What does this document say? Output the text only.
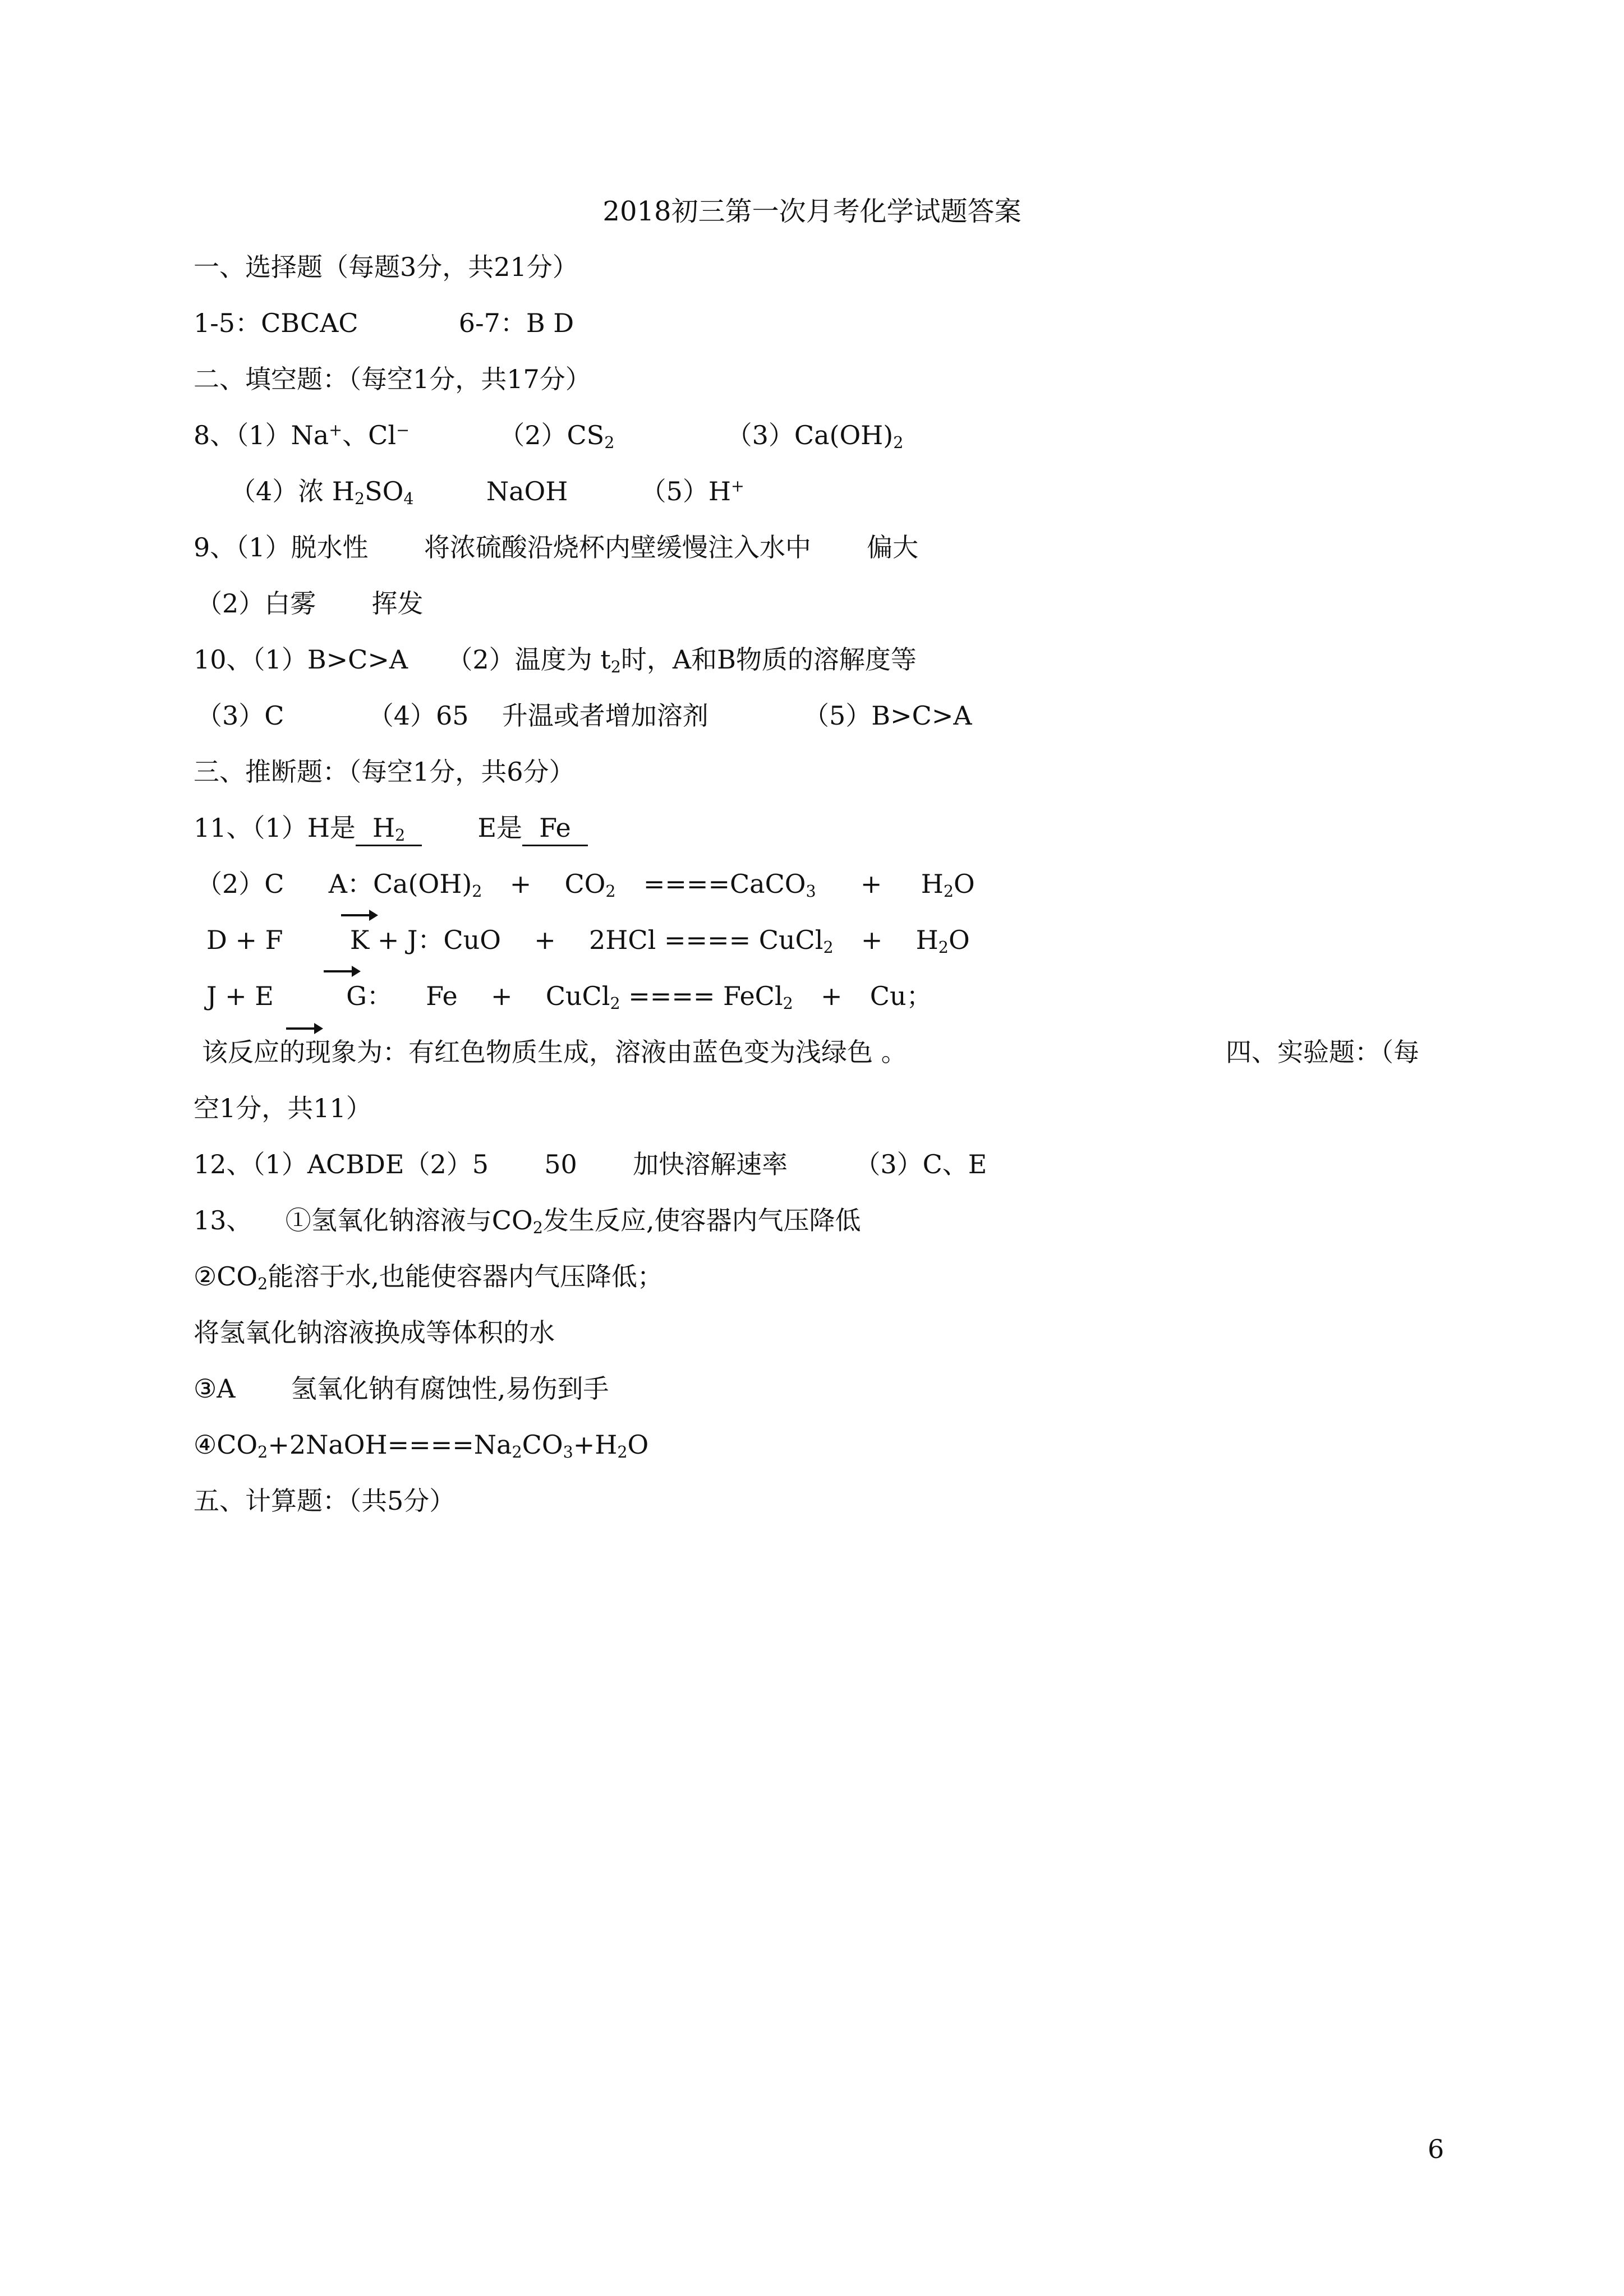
2018初三第一次月考化学试题答案
一、选择题（每题3分，共21分）
1-5：CBCAC	6-7：B D
二、填空题：（每空1分，共17分）
8、（1）Na+、Cl−	$(2)CS_2$	$(3)Ca(OH)_2$
（4）浓 $H_2SO_4$	NaOH	（5）H+
9、（1）脱水性 将浓硫酸沿烧杯内壁缓慢注入水中 偏大
（2）白雾 挥发
10、（1）B>C>A （2）温度为 $t_2$时，A和B物质的溶解度等
（3）C	（4）65 升温或者增加溶剂	（5）B>C>A
三、推断题：（每空1分，共6分）
11、（1）H是 $H_2$	E是 Fe
（2）C A：$Ca(OH)_2 + CO_2$ ====CaCO$_3$ + $H_2O$
D + F	K + J：CuO + 2HCl ==== CuCl$_2$ + $H_2O$
J + E	G： Fe + CuCl$_2$ ==== FeCl$_2$ + Cu；
该反应的现象为：有红色物质生成，溶液由蓝色变为浅绿色 。	四、实验题：（每
空1分，共11）
12、（1）ACBDE（2）5 50 加快溶解速率	（3）C、E
13、 ①氢氧化钠溶液与$CO_2$发生反应,使容器内气压降低
$②CO_2$能溶于水,也能使容器内气压降低；
将氢氧化钠溶液换成等体积的水
③A 氢氧化钠有腐蚀性,易伤到手
$④CO_2+2NaOH====Na_2CO_3+H_2O$
五、计算题：（共5分）
6
